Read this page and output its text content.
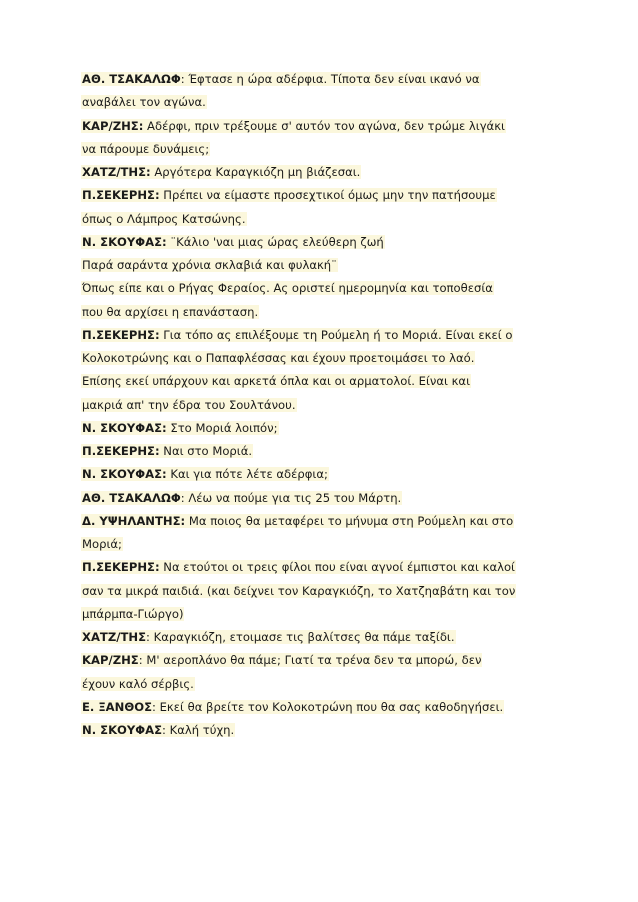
ΑΘ. ΤΣΑΚΑΛΩΦ: Έφτασε η ώρα αδέρφια. Τίποτα δεν είναι ικανό να
αναβάλει τον αγώνα.
ΚΑΡ/ΖΗΣ: Αδέρφι, πριν τρέξουμε σ' αυτόν τον αγώνα, δεν τρώμε λιγάκι
να πάρουμε δυνάμεις;
ΧΑΤΖ/ΤΗΣ: Αργότερα Καραγκιόζη μη βιάζεσαι.
Π.ΣΕΚΕΡΗΣ: Πρέπει να είμαστε προσεχτικοί όμως μην την πατήσουμε
όπως ο Λάμπρος Κατσώνης.
Ν. ΣΚΟΥΦΑΣ: ¨Κάλιο 'ναι μιας ώρας ελεύθερη ζωή
Παρά σαράντα χρόνια σκλαβιά και φυλακή¨
Όπως είπε και ο Ρήγας Φεραίος. Ας οριστεί ημερομηνία και τοποθεσία
που θα αρχίσει η επανάσταση.
Π.ΣΕΚΕΡΗΣ: Για τόπο ας επιλέξουμε τη Ρούμελη ή το Μοριά. Είναι εκεί ο
Κολοκοτρώνης και ο Παπαφλέσσας και έχουν προετοιμάσει το λαό.
Επίσης εκεί υπάρχουν και αρκετά όπλα και οι αρματολοί. Είναι και
μακριά απ' την έδρα του Σουλτάνου.
Ν. ΣΚΟΥΦΑΣ: Στο Μοριά λοιπόν;
Π.ΣΕΚΕΡΗΣ: Ναι στο Μοριά.
Ν. ΣΚΟΥΦΑΣ: Και για πότε λέτε αδέρφια;
ΑΘ. ΤΣΑΚΑΛΩΦ: Λέω να πούμε για τις 25 του Μάρτη.
Δ. ΥΨΗΛΑΝΤΗΣ: Μα ποιος θα μεταφέρει το μήνυμα στη Ρούμελη και στο
Μοριά;
Π.ΣΕΚΕΡΗΣ: Να ετούτοι οι τρεις φίλοι που είναι αγνοί έμπιστοι και καλοί
σαν τα μικρά παιδιά. (και δείχνει τον Καραγκιόζη, το Χατζηαβάτη και τον
μπάρμπα-Γιώργο)
ΧΑΤΖ/ΤΗΣ: Καραγκιόζη, ετοιμασε τις βαλίτσες θα πάμε ταξίδι.
ΚΑΡ/ΖΗΣ: Μ' αεροπλάνο θα πάμε; Γιατί τα τρένα δεν τα μπορώ, δεν
έχουν καλό σέρβις.
Ε. ΞΑΝΘΟΣ: Εκεί θα βρείτε τον Κολοκοτρώνη που θα σας καθοδηγήσει.
Ν. ΣΚΟΥΦΑΣ: Καλή τύχη.
